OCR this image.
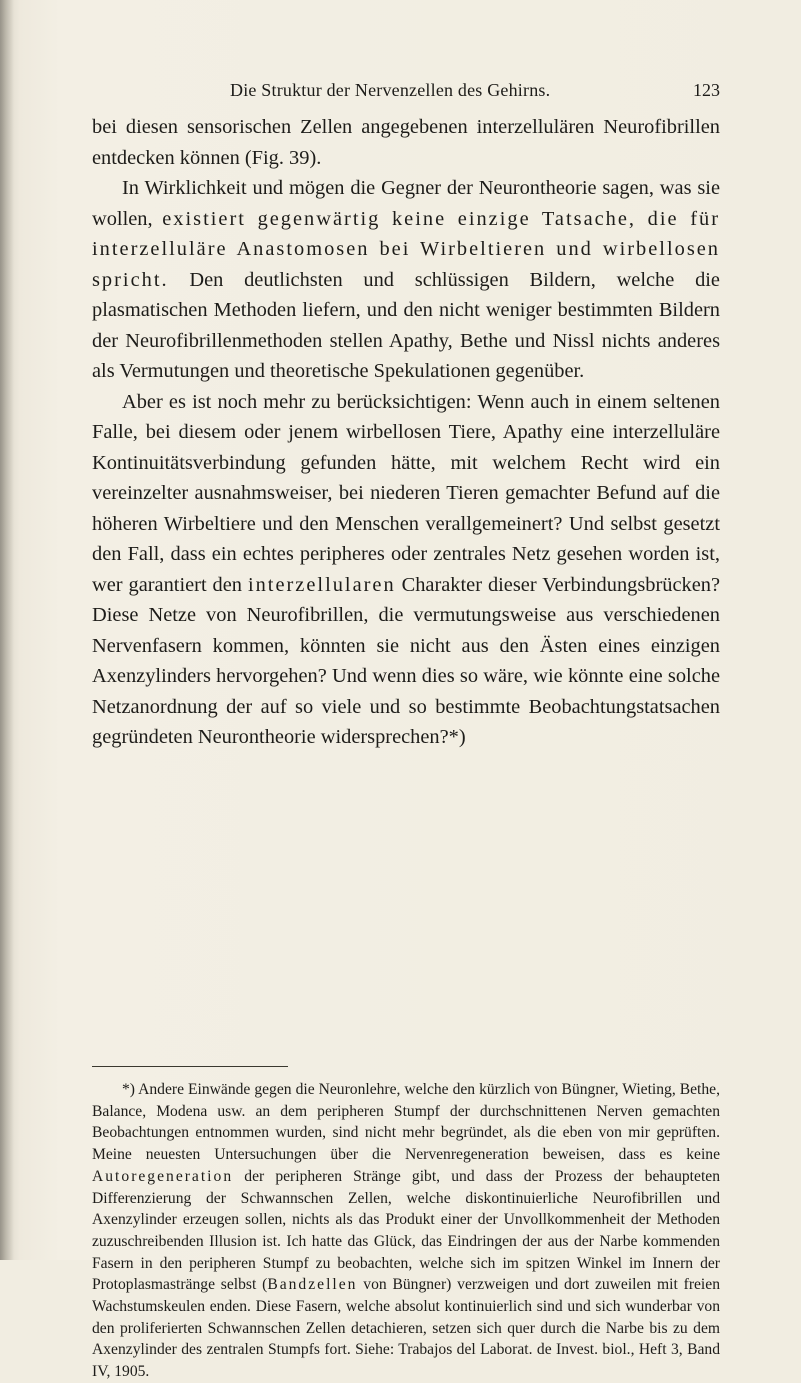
Die Struktur der Nervenzellen des Gehirns.	123

bei diesen sensorischen Zellen angegebenen interzellulären Neurofibrillen entdecken können (Fig. 39).

In Wirklichkeit und mögen die Gegner der Neurontheorie sagen, was sie wollen, existiert gegenwärtig keine einzige Tatsache, die für interzelluläre Anastomosen bei Wirbeltieren und wirbellosen spricht. Den deutlichsten und schlüssigen Bildern, welche die plasmatischen Methoden liefern, und den nicht weniger bestimmten Bildern der Neurofibrillenmethoden stellen Apathy, Bethe und Nissl nichts anderes als Vermutungen und theoretische Spekulationen gegenüber.

Aber es ist noch mehr zu berücksichtigen: Wenn auch in einem seltenen Falle, bei diesem oder jenem wirbellosen Tiere, Apathy eine interzelluläre Kontinuitätsverbindung gefunden hätte, mit welchem Recht wird ein vereinzelter ausnahmsweiser, bei niederen Tieren gemachter Befund auf die höheren Wirbeltiere und den Menschen verallgemeinert? Und selbst gesetzt den Fall, dass ein echtes peripheres oder zentrales Netz gesehen worden ist, wer garantiert den interzellularen Charakter dieser Verbindungsbrücken? Diese Netze von Neurofibrillen, die vermutungsweise aus verschiedenen Nervenfasern kommen, könnten sie nicht aus den Ästen eines einzigen Axenzylinders hervorgehen? Und wenn dies so wäre, wie könnte eine solche Netzanordnung der auf so viele und so bestimmte Beobachtungstatsachen gegründeten Neurontheorie widersprechen?*)

*) Andere Einwände gegen die Neuronlehre, welche den kürzlich von Büngner, Wieting, Bethe, Balance, Modena usw. an dem peripheren Stumpf der durchschnittenen Nerven gemachten Beobachtungen entnommen wurden, sind nicht mehr begründet, als die eben von mir geprüften. Meine neuesten Untersuchungen über die Nervenregeneration beweisen, dass es keine Autoregeneration der peripheren Stränge gibt, und dass der Prozess der behaupteten Differenzierung der Schwannschen Zellen, welche diskontinuierliche Neurofibrillen und Axenzylinder erzeugen sollen, nichts als das Produkt einer der Unvollkommenheit der Methoden zuzuschreibenden Illusion ist. Ich hatte das Glück, das Eindringen der aus der Narbe kommenden Fasern in den peripheren Stumpf zu beobachten, welche sich im spitzen Winkel im Innern der Protoplasmastränge selbst (Bandzellen von Büngner) verzweigen und dort zuweilen mit freien Wachstumskeulen enden. Diese Fasern, welche absolut kontinuierlich sind und sich wunderbar von den proliferierten Schwannschen Zellen detachieren, setzen sich quer durch die Narbe bis zu dem Axenzylinder des zentralen Stumpfs fort. Siehe: Trabajos del Laborat. de Invest. biol., Heft 3, Band IV, 1905.
